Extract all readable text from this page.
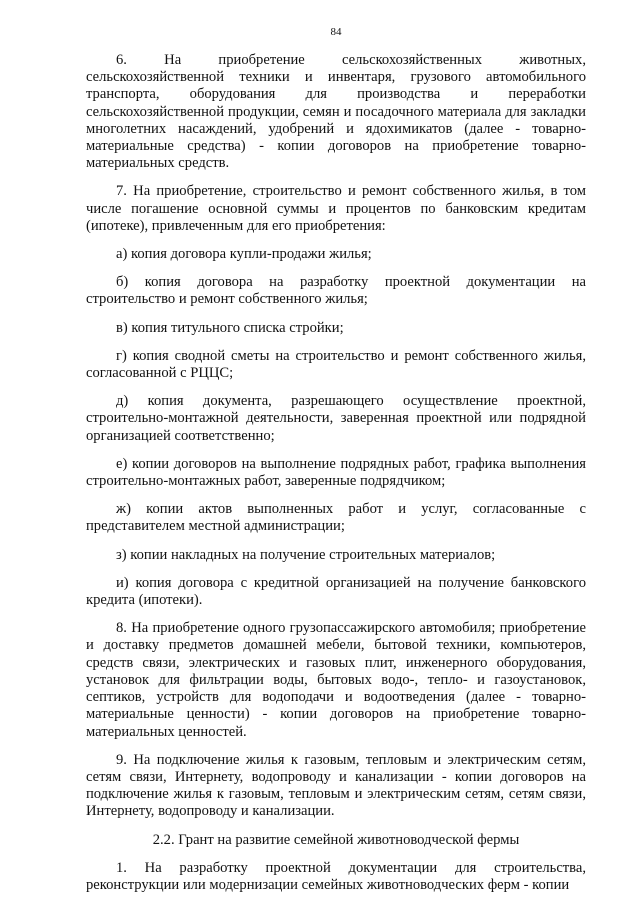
84

6. На приобретение сельскохозяйственных животных, сельскохозяйственной техники и инвентаря, грузового автомобильного транспорта, оборудования для производства и переработки сельскохозяйственной продукции, семян и посадочного материала для закладки многолетних насаждений, удобрений и ядохимикатов (далее - товарно-материальные средства) - копии договоров на приобретение товарно-материальных средств.

7. На приобретение, строительство и ремонт собственного жилья, в том числе погашение основной суммы и процентов по банковским кредитам (ипотеке), привлеченным для его приобретения:

а) копия договора купли-продажи жилья;

б) копия договора на разработку проектной документации на строительство и ремонт собственного жилья;

в) копия титульного списка стройки;

г) копия сводной сметы на строительство и ремонт собственного жилья, согласованной с РЦЦС;

д) копия документа, разрешающего осуществление проектной, строительно-монтажной деятельности, заверенная проектной или подрядной организацией соответственно;

е) копии договоров на выполнение подрядных работ, графика выполнения строительно-монтажных работ, заверенные подрядчиком;

ж) копии актов выполненных работ и услуг, согласованные с представителем местной администрации;

з) копии накладных на получение строительных материалов;

и) копия договора с кредитной организацией на получение банковского кредита (ипотеки).

8. На приобретение одного грузопассажирского автомобиля; приобретение и доставку предметов домашней мебели, бытовой техники, компьютеров, средств связи, электрических и газовых плит, инженерного оборудования, установок для фильтрации воды, бытовых водо-, тепло- и газоустановок, септиков, устройств для водоподачи и водоотведения (далее - товарно-материальные ценности) - копии договоров на приобретение товарно-материальных ценностей.

9. На подключение жилья к газовым, тепловым и электрическим сетям, сетям связи, Интернету, водопроводу и канализации - копии договоров на подключение жилья к газовым, тепловым и электрическим сетям, сетям связи, Интернету, водопроводу и канализации.

2.2. Грант на развитие семейной животноводческой фермы

1. На разработку проектной документации для строительства, реконструкции или модернизации семейных животноводческих ферм - копии
